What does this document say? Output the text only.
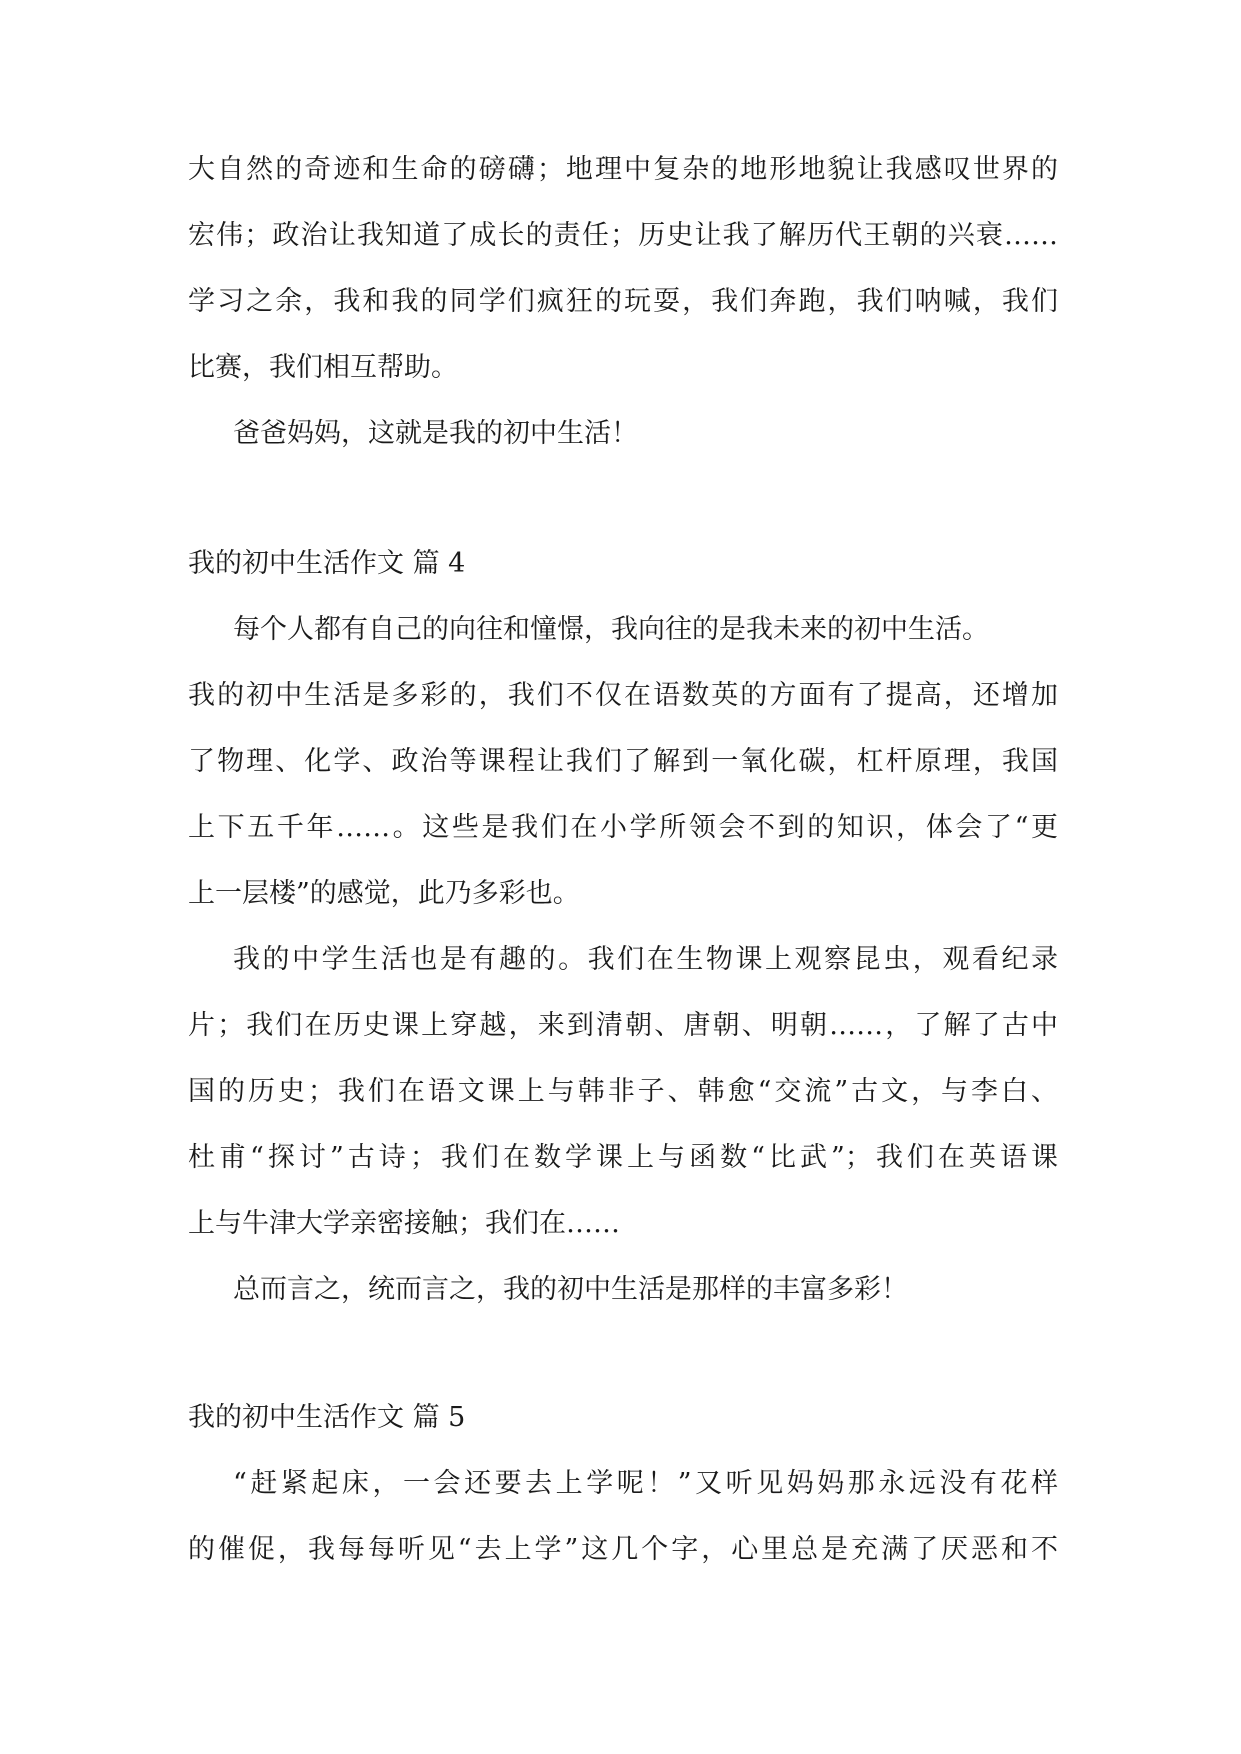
大自然的奇迹和生命的磅礴；地理中复杂的地形地貌让我感叹世界的
宏伟；政治让我知道了成长的责任；历史让我了解历代王朝的兴衰……
学习之余，我和我的同学们疯狂的玩耍，我们奔跑，我们呐喊，我们
比赛，我们相互帮助。
爸爸妈妈，这就是我的初中生活！
我的初中生活作文 篇 4
每个人都有自己的向往和憧憬，我向往的是我未来的初中生活。
我的初中生活是多彩的，我们不仅在语数英的方面有了提高，还增加
了物理、化学、政治等课程让我们了解到一氧化碳，杠杆原理，我国
上下五千年……。这些是我们在小学所领会不到的知识，体会了“更
上一层楼”的感觉，此乃多彩也。
我的中学生活也是有趣的。我们在生物课上观察昆虫，观看纪录
片；我们在历史课上穿越，来到清朝、唐朝、明朝……，了解了古中
国的历史；我们在语文课上与韩非子、韩愈“交流”古文，与李白、
杜甫“探讨”古诗；我们在数学课上与函数“比武”；我们在英语课
上与牛津大学亲密接触；我们在……
总而言之，统而言之，我的初中生活是那样的丰富多彩！
我的初中生活作文 篇 5
“赶紧起床，一会还要去上学呢！”又听见妈妈那永远没有花样
的催促，我每每听见“去上学”这几个字，心里总是充满了厌恶和不
